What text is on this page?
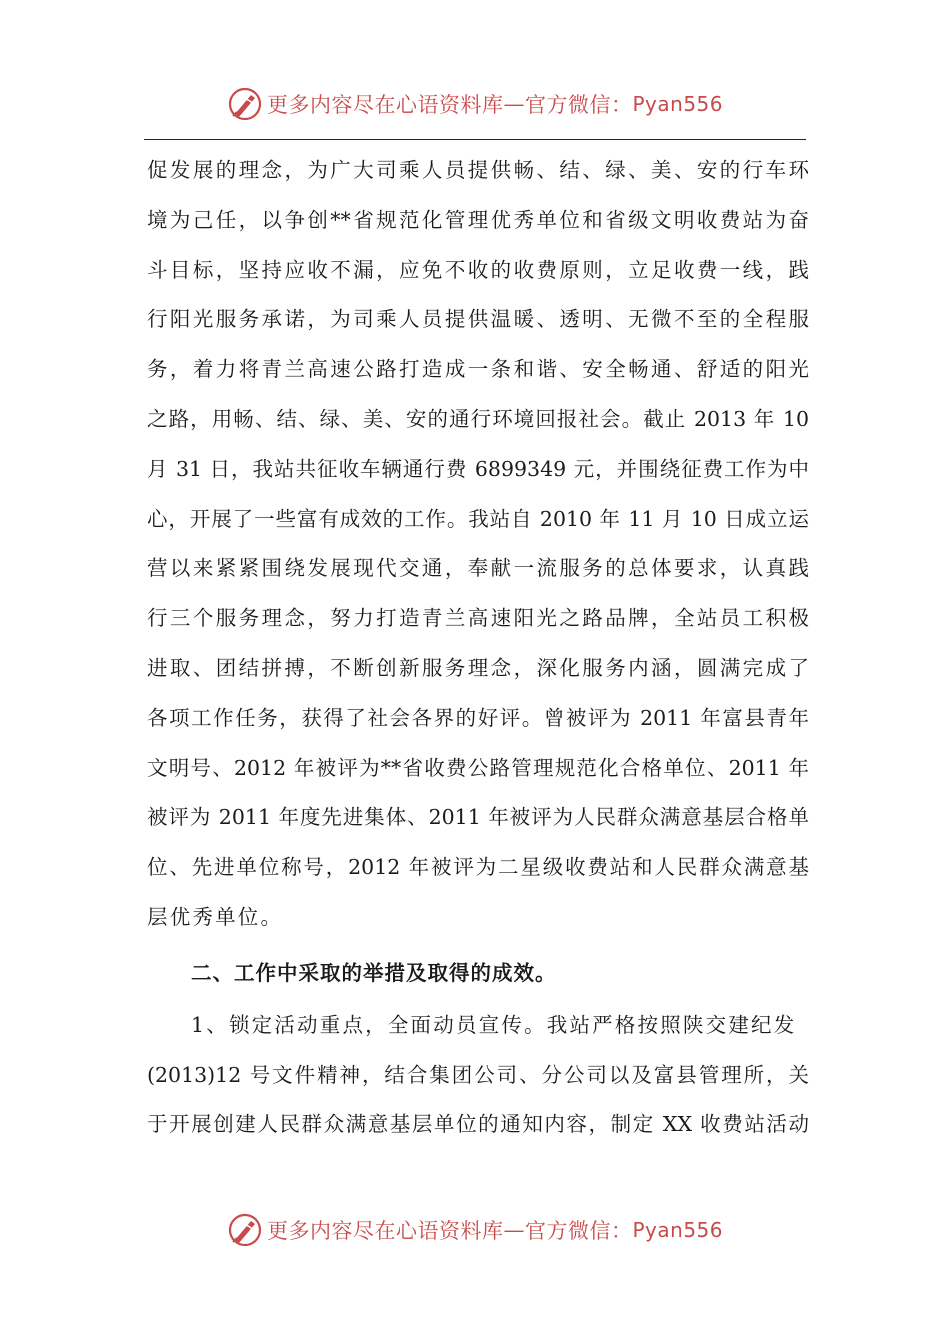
更多内容尽在心语资料库 — 官方微信： Pyan556
促发展的理念，为广大司乘人员提供畅、结、绿、美、安的行车环
境为己任，以争创**省规范化管理优秀单位和省级文明收费站为奋
斗目标，坚持应收不漏，应免不收的收费原则，立足收费一线，践
行阳光服务承诺，为司乘人员提供温暖、透明、无微不至的全程服
务，着力将青兰高速公路打造成一条和谐、安全畅通、舒适的阳光
之路，用畅、结、绿、美、安的通行环境回报社会。截止 2013 年 10
月 31 日，我站共征收车辆通行费 6899349 元，并围绕征费工作为中
心，开展了一些富有成效的工作。我站自 2010 年 11 月 10 日成立运
营以来紧紧围绕发展现代交通，奉献一流服务的总体要求，认真践
行三个服务理念，努力打造青兰高速阳光之路品牌，全站员工积极
进取、团结拼搏，不断创新服务理念，深化服务内涵，圆满完成了
各项工作任务，获得了社会各界的好评。曾被评为 2011 年富县青年
文明号、2012 年被评为**省收费公路管理规范化合格单位、2011 年
被评为 2011 年度先进集体、2011 年被评为人民群众满意基层合格单
位、先进单位称号，2012 年被评为二星级收费站和人民群众满意基
层优秀单位。
二、工作中采取的举措及取得的成效。
1、锁定活动重点，全面动员宣传。我站严格按照陕交建纪发
(2013)12 号文件精神，结合集团公司、分公司以及富县管理所，关
于开展创建人民群众满意基层单位的通知内容，制定 XX 收费站活动
更多内容尽在心语资料库 — 官方微信： Pyan556
